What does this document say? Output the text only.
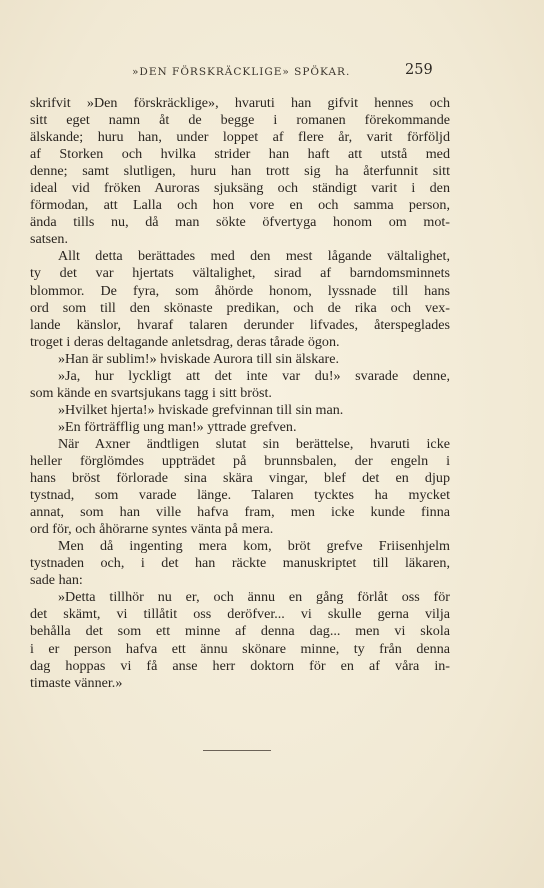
»DEN FÖRSKRÄCKLIGE» SPÖKAR.	259
skrifvit »Den förskräcklige», hvaruti han gifvit hennes och
sitt eget namn åt de begge i romanen förekommande
älskande; huru han, under loppet af flere år, varit förföljd
af Storken och hvilka strider han haft att utstå med
denne; samt slutligen, huru han trott sig ha återfunnit sitt
ideal vid fröken Auroras sjuksäng och ständigt varit i den
förmodan, att Lalla och hon vore en och samma person,
ända tills nu, då man sökte öfvertyga honom om mot-
satsen.
Allt detta berättades med den mest lågande vältalighet,
ty det var hjertats vältalighet, sirad af barndomsminnets
blommor. De fyra, som åhörde honom, lyssnade till hans
ord som till den skönaste predikan, och de rika och vex-
lande känslor, hvaraf talaren derunder lifvades, återspeglades
troget i deras deltagande anletsdrag, deras tårade ögon.
»Han är sublim!» hviskade Aurora till sin älskare.
»Ja, hur lyckligt att det inte var du!» svarade denne,
som kände en svartsjukans tagg i sitt bröst.
»Hvilket hjerta!» hviskade grefvinnan till sin man.
»En förträfflig ung man!» yttrade grefven.
När Axner ändtligen slutat sin berättelse, hvaruti icke
heller förglömdes uppträdet på brunnsbalen, der engeln i
hans bröst förlorade sina skära vingar, blef det en djup
tystnad, som varade länge. Talaren tycktes ha mycket
annat, som han ville hafva fram, men icke kunde finna
ord för, och åhörarne syntes vänta på mera.
Men då ingenting mera kom, bröt grefve Friisenhjelm
tystnaden och, i det han räckte manuskriptet till läkaren,
sade han:
»Detta tillhör nu er, och ännu en gång förlåt oss för
det skämt, vi tillåtit oss deröfver... vi skulle gerna vilja
behålla det som ett minne af denna dag... men vi skola
i er person hafva ett ännu skönare minne, ty från denna
dag hoppas vi få anse herr doktorn för en af våra in-
timaste vänner.»
